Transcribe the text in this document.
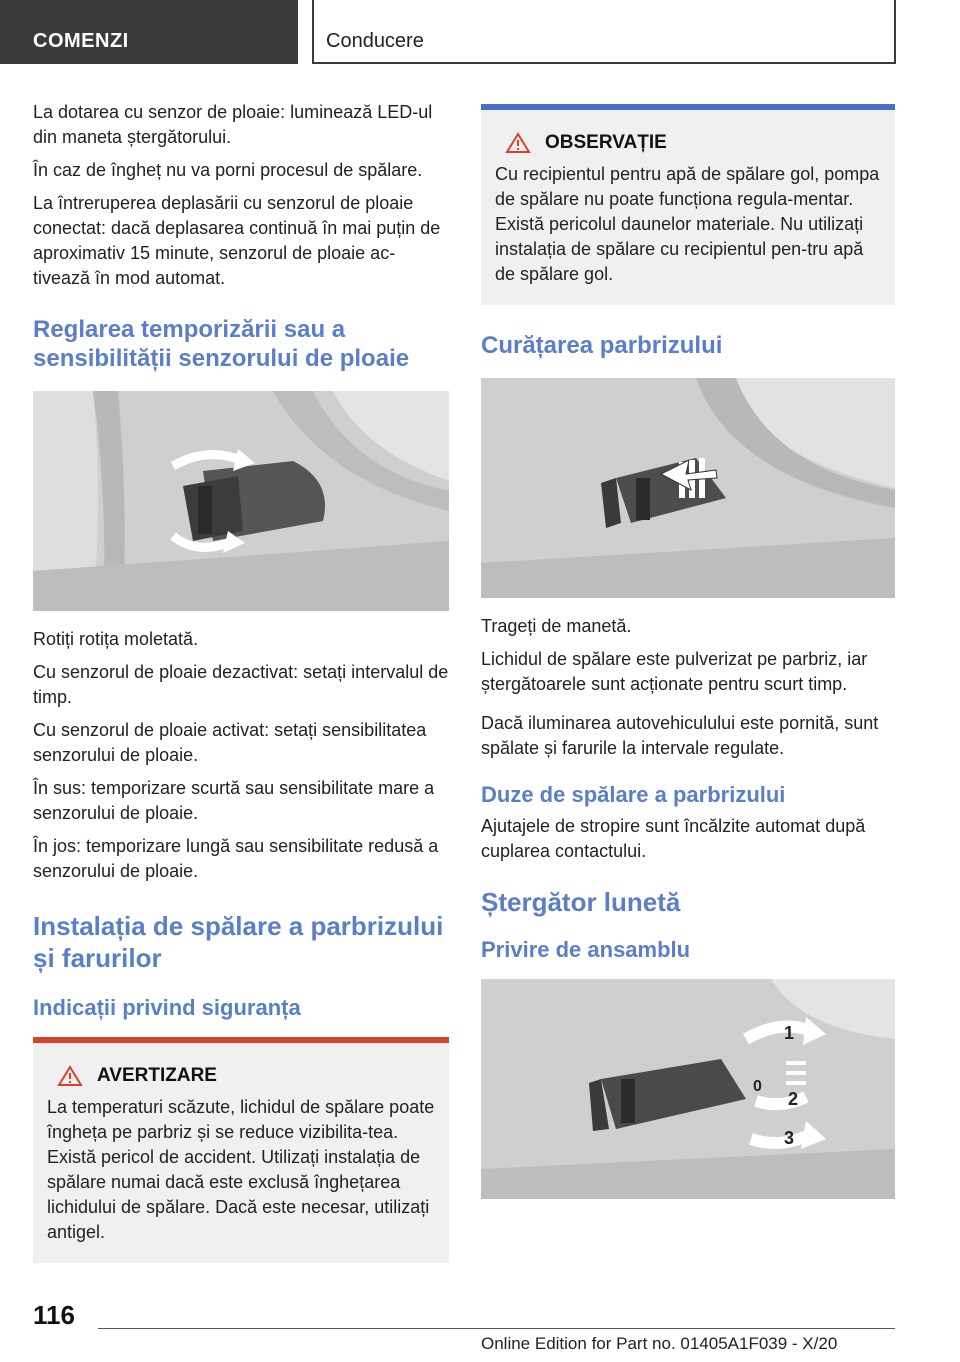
COMENZI	Conducere

La dotarea cu senzor de ploaie: luminează LED-ul din maneta ștergătorului.

În caz de îngheț nu va porni procesul de spălare.

La întreruperea deplasării cu senzorul de ploaie conectat: dacă deplasarea continuă în mai puțin de aproximativ 15 minute, senzorul de ploaie ac-tivează în mod automat.

Reglarea temporizării sau a sensibilității senzorului de ploaie

Rotiți rotița moletată.

Cu senzorul de ploaie dezactivat: setați intervalul de timp.

Cu senzorul de ploaie activat: setați sensibilitatea senzorului de ploaie.

În sus: temporizare scurtă sau sensibilitate mare a senzorului de ploaie.

În jos: temporizare lungă sau sensibilitate redusă a senzorului de ploaie.

Instalația de spălare a parbrizului și farurilor
Indicații privind siguranța
AVERTIZARE

La temperaturi scăzute, lichidul de spălare poate îngheța pe parbriz și se reduce vizibilita-tea. Există pericol de accident. Utilizați instalația de spălare numai dacă este exclusă înghețarea lichidului de spălare. Dacă este necesar, utilizați antigel.

OBSERVAȚIE

Cu recipientul pentru apă de spălare gol, pompa de spălare nu poate funcționa regula-mentar. Există pericolul daunelor materiale. Nu utilizați instalația de spălare cu recipientul pen-tru apă de spălare gol.

Curățarea parbrizului

Trageți de manetă.

Lichidul de spălare este pulverizat pe parbriz, iar ștergătoarele sunt acționate pentru scurt timp.

Dacă iluminarea autovehiculului este pornită, sunt spălate și farurile la intervale regulate.

Duze de spălare a parbrizului

Ajutajele de stropire sunt încălzite automat după cuplarea contactului.

Ștergător lunetă
Privire de ansamblu
1
0
2
3
116
Online Edition for Part no. 01405A1F039 - X/20
